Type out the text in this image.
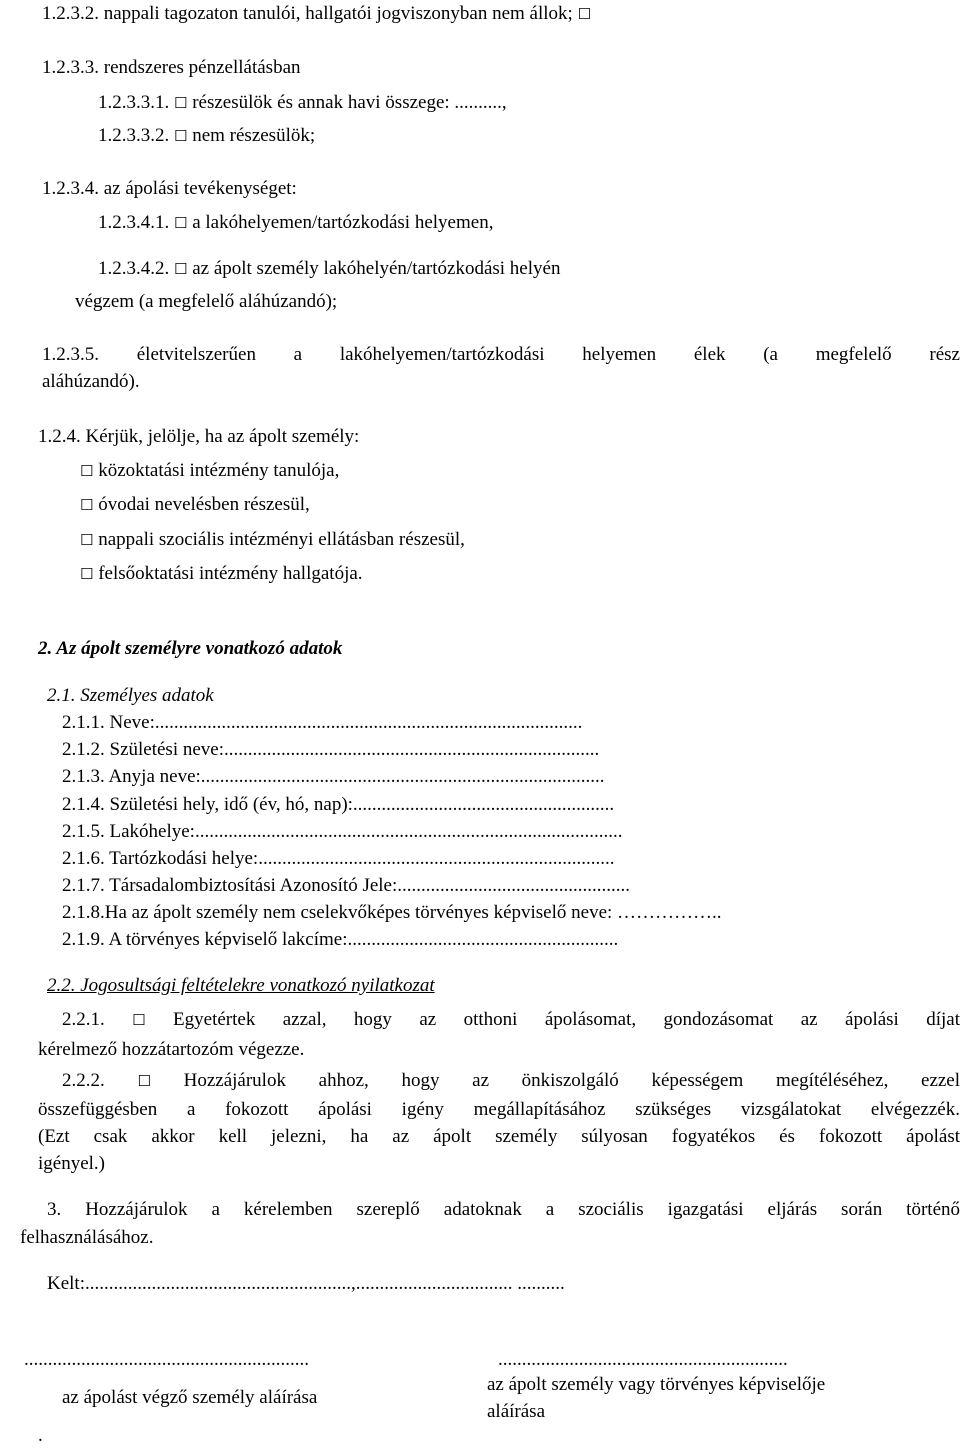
1.2.3.2. nappali tagozaton tanulói, hallgatói jogviszonyban nem állok; ☐
1.2.3.3. rendszeres pénzellátásban
1.2.3.3.1. ☐ részesülök és annak havi összege: ..........,
1.2.3.3.2. ☐ nem részesülök;
1.2.3.4. az ápolási tevékenységet:
1.2.3.4.1. ☐ a lakóhelyemen/tartózkodási helyemen,
1.2.3.4.2. ☐ az ápolt személy lakóhelyén/tartózkodási helyén
végzem (a megfelelő aláhúzandó);
1.2.3.5. életvitelszerűen a lakóhelyemen/tartózkodási helyemen élek (a megfelelő rész
aláhúzandó).
1.2.4. Kérjük, jelölje, ha az ápolt személy:
☐ közoktatási intézmény tanulója,
☐ óvodai nevelésben részesül,
☐ nappali szociális intézményi ellátásban részesül,
☐ felsőoktatási intézmény hallgatója.
2. Az ápolt személyre vonatkozó adatok
2.1. Személyes adatok
2.1.1. Neve:..........................................................................................
2.1.2. Születési neve:...............................................................................
2.1.3. Anyja neve:.....................................................................................
2.1.4. Születési hely, idő (év, hó, nap):.......................................................
2.1.5. Lakóhelye:..........................................................................................
2.1.6. Tartózkodási helye:...........................................................................
2.1.7. Társadalombiztosítási Azonosító Jele:.................................................
2.1.8.Ha az ápolt személy nem cselekvőképes törvényes képviselő neve: ……………..
2.1.9. A törvényes képviselő lakcíme:.........................................................
2.2. Jogosultsági feltételekre vonatkozó nyilatkozat
2.2.1. ☐ Egyetértek azzal, hogy az otthoni ápolásomat, gondozásomat az ápolási díjat
kérelmező hozzátartozóm végezze.
2.2.2. ☐ Hozzájárulok ahhoz, hogy az önkiszolgáló képességem megítéléséhez, ezzel
összefüggésben a fokozott ápolási igény megállapításához szükséges vizsgálatokat elvégezzék.
(Ezt csak akkor kell jelezni, ha az ápolt személy súlyosan fogyatékos és fokozott ápolást
igényel.)
3. Hozzájárulok a kérelemben szereplő adatoknak a szociális igazgatási eljárás során történő
felhasználásához.
Kelt:........................................................,................................. ..........
............................................................
az ápolást végző személy aláírása
.............................................................
az ápolt személy vagy törvényes képviselője
aláírása
.
